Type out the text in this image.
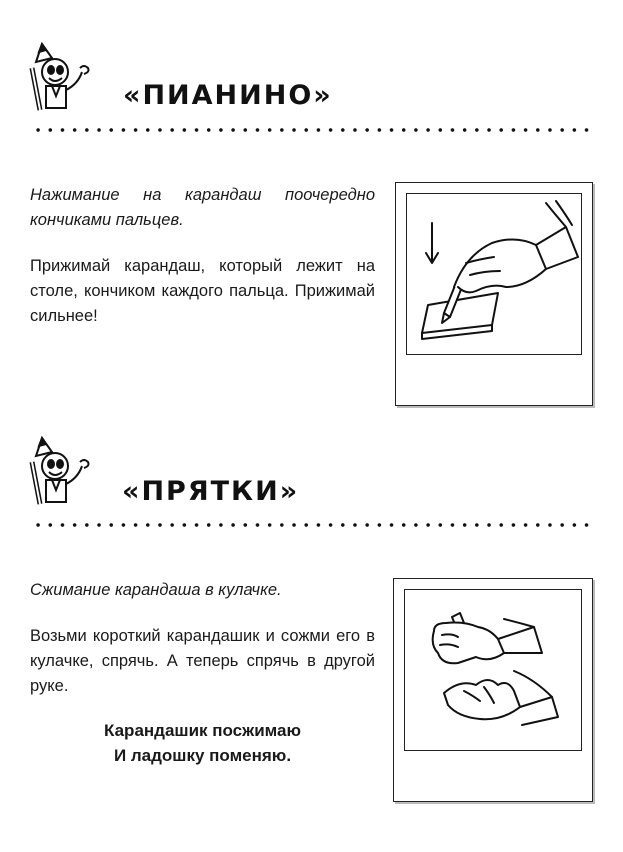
«ПИАНИНО»

Нажимание на карандаш поочередно кончиками пальцев.

Прижимай карандаш, который лежит на столе, кончиком каждого пальца. Прижимай сильнее!

«ПРЯТКИ»

Сжимание карандаша в кулачке.

Возьми короткий карандашик и сожми его в кулачке, спрячь. А теперь спрячь в другой руке.

Карандашик посжимаю

И ладошку поменяю.
